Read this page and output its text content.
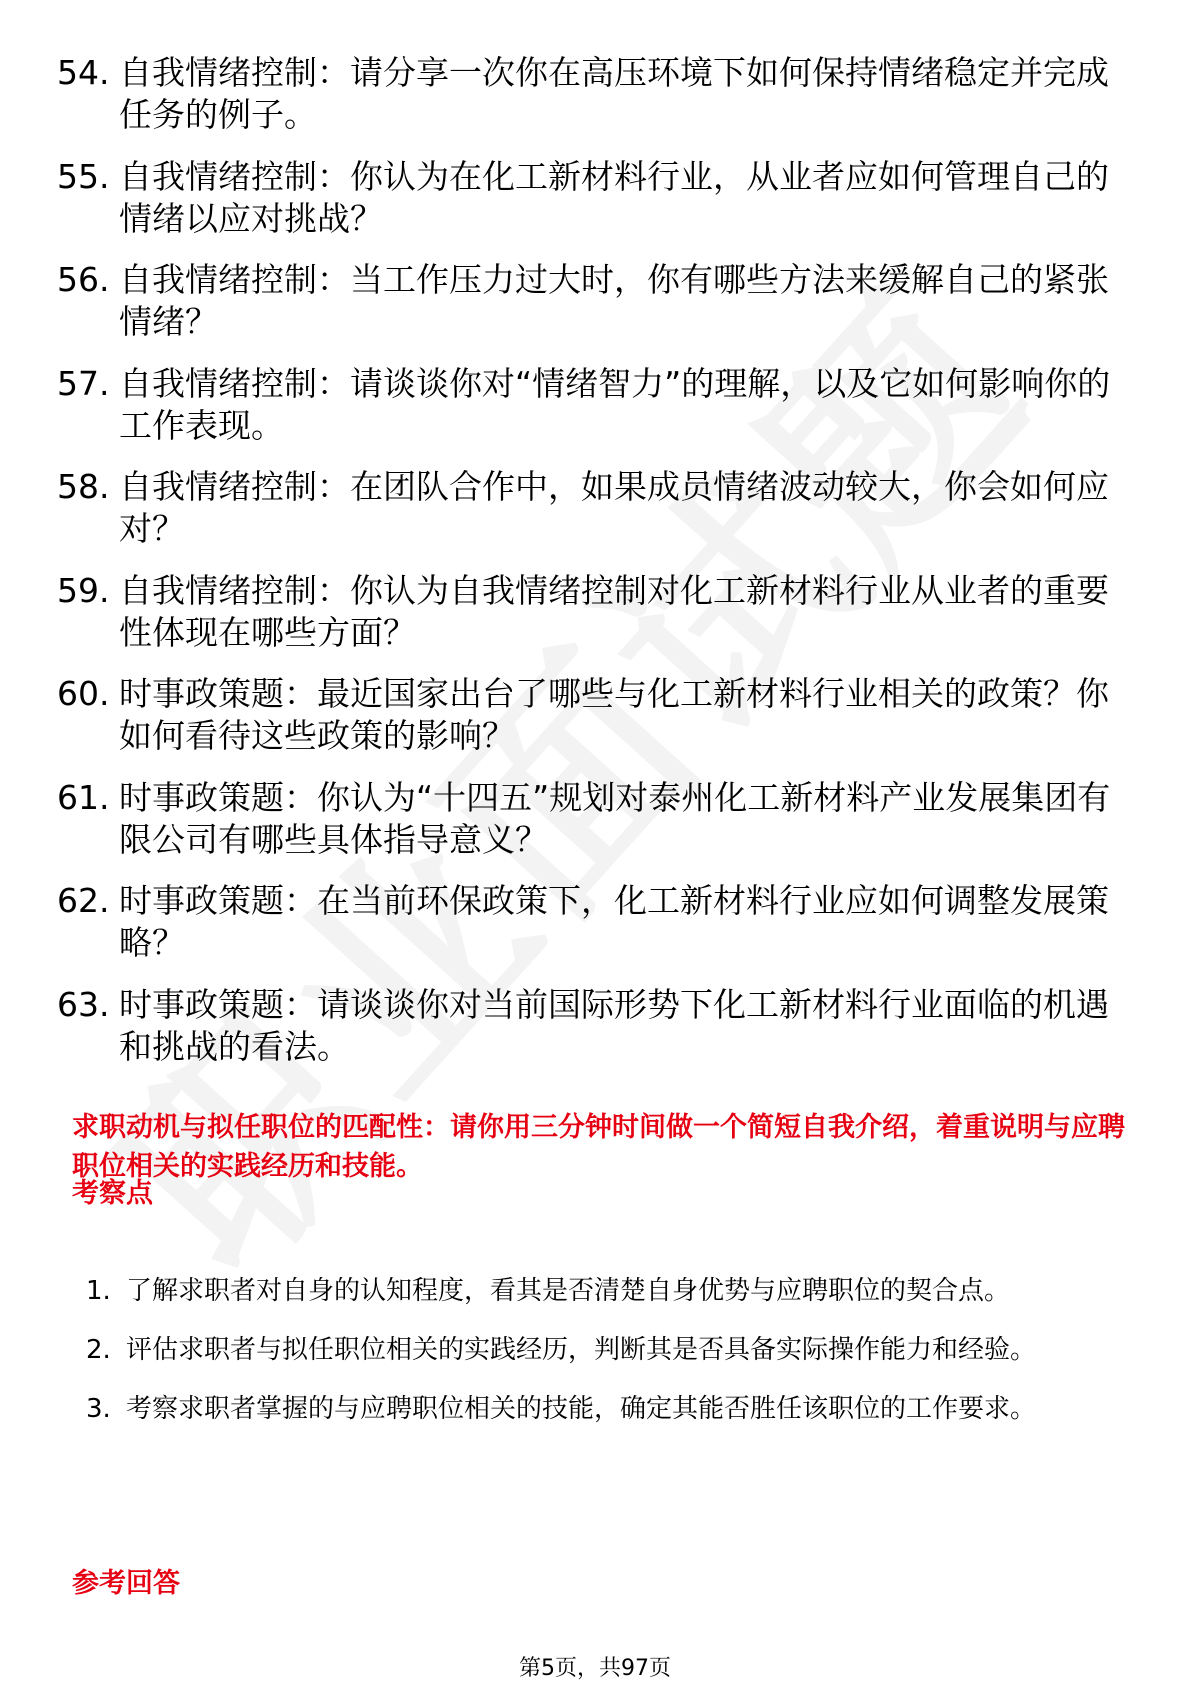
54. 自我情绪控制：请分享一次你在高压环境下如何保持情绪稳定并完成任务的例子。
55. 自我情绪控制：你认为在化工新材料行业，从业者应如何管理自己的情绪以应对挑战？
56. 自我情绪控制：当工作压力过大时，你有哪些方法来缓解自己的紧张情绪？
57. 自我情绪控制：请谈谈你对“情绪智力”的理解，以及它如何影响你的工作表现。
58. 自我情绪控制：在团队合作中，如果成员情绪波动较大，你会如何应对？
59. 自我情绪控制：你认为自我情绪控制对化工新材料行业从业者的重要性体现在哪些方面？
60. 时事政策题：最近国家出台了哪些与化工新材料行业相关的政策？你如何看待这些政策的影响？
61. 时事政策题：你认为“十四五”规划对泰州化工新材料产业发展集团有限公司有哪些具体指导意义？
62. 时事政策题：在当前环保政策下，化工新材料行业应如何调整发展策略？
63. 时事政策题：请谈谈你对当前国际形势下化工新材料行业面临的机遇和挑战的看法。
求职动机与拟任职位的匹配性：请你用三分钟时间做一个简短自我介绍，着重说明与应聘职位相关的实践经历和技能。
考察点
1. 了解求职者对自身的认知程度，看其是否清楚自身优势与应聘职位的契合点。
2. 评估求职者与拟任职位相关的实践经历，判断其是否具备实际操作能力和经验。
3. 考察求职者掌握的与应聘职位相关的技能，确定其能否胜任该职位的工作要求。
参考回答
第5页，共97页
